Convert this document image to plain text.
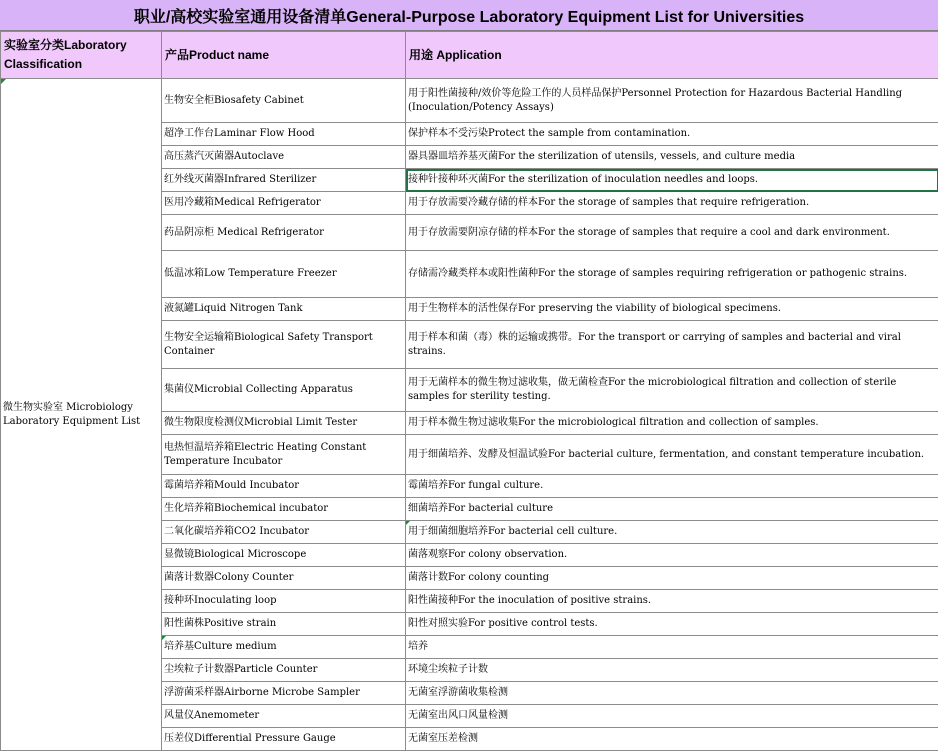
职业/高校实验室通用设备清单General-Purpose Laboratory Equipment List for Universities
实验室分类Laboratory Classification	产品Product name	用途 Application
微生物实验室 Microbiology Laboratory Equipment List	生物安全柜Biosafety Cabinet	用于阳性菌接种/效价等危险工作的人员样品保护Personnel Protection for Hazardous Bacterial Handling (Inoculation/Potency Assays)
	超净工作台Laminar Flow Hood	保护样本不受污染Protect the sample from contamination.
	高压蒸汽灭菌器Autoclave	器具器皿培养基灭菌For the sterilization of utensils, vessels, and culture media
	红外线灭菌器Infrared Sterilizer	接种针接种环灭菌For the sterilization of inoculation needles and loops.
	医用冷藏箱Medical Refrigerator	用于存放需要冷藏存储的样本For the storage of samples that require refrigeration.
	药品阴凉柜 Medical Refrigerator	用于存放需要阴凉存储的样本For the storage of samples that require a cool and dark environment.
	低温冰箱Low Temperature Freezer	存储需冷藏类样本或阳性菌种For the storage of samples requiring refrigeration or pathogenic strains.
	液氮罐Liquid Nitrogen Tank	用于生物样本的活性保存For preserving the viability of biological specimens.
	生物安全运输箱Biological Safety Transport Container	用于样本和菌（毒）株的运输或携带。For the transport or carrying of samples and bacterial and viral strains.
	集菌仪Microbial Collecting Apparatus	用于无菌样本的微生物过滤收集，做无菌检查For the microbiological filtration and collection of sterile samples for sterility testing.
	微生物限度检测仪Microbial Limit Tester	用于样本微生物过滤收集For the microbiological filtration and collection of samples.
	电热恒温培养箱Electric Heating Constant Temperature Incubator	用于细菌培养、发酵及恒温试验For bacterial culture, fermentation, and constant temperature incubation.
	霉菌培养箱Mould Incubator	霉菌培养For fungal culture.
	生化培养箱Biochemical incubator	细菌培养For bacterial culture
	二氧化碳培养箱CO2 Incubator	用于细菌细胞培养For bacterial cell culture.
	显微镜Biological Microscope	菌落观察For colony observation.
	菌落计数器Colony Counter	菌落计数For colony counting
	接种环Inoculating loop	阳性菌接种For the inoculation of positive strains.
	阳性菌株Positive strain	阳性对照实验For positive control tests.
	培养基Culture medium	培养
	尘埃粒子计数器Particle Counter	环境尘埃粒子计数
	浮游菌采样器Airborne Microbe Sampler	无菌室浮游菌收集检测
	风量仪Anemometer	无菌室出风口风量检测
	压差仪Differential Pressure Gauge	无菌室压差检测
